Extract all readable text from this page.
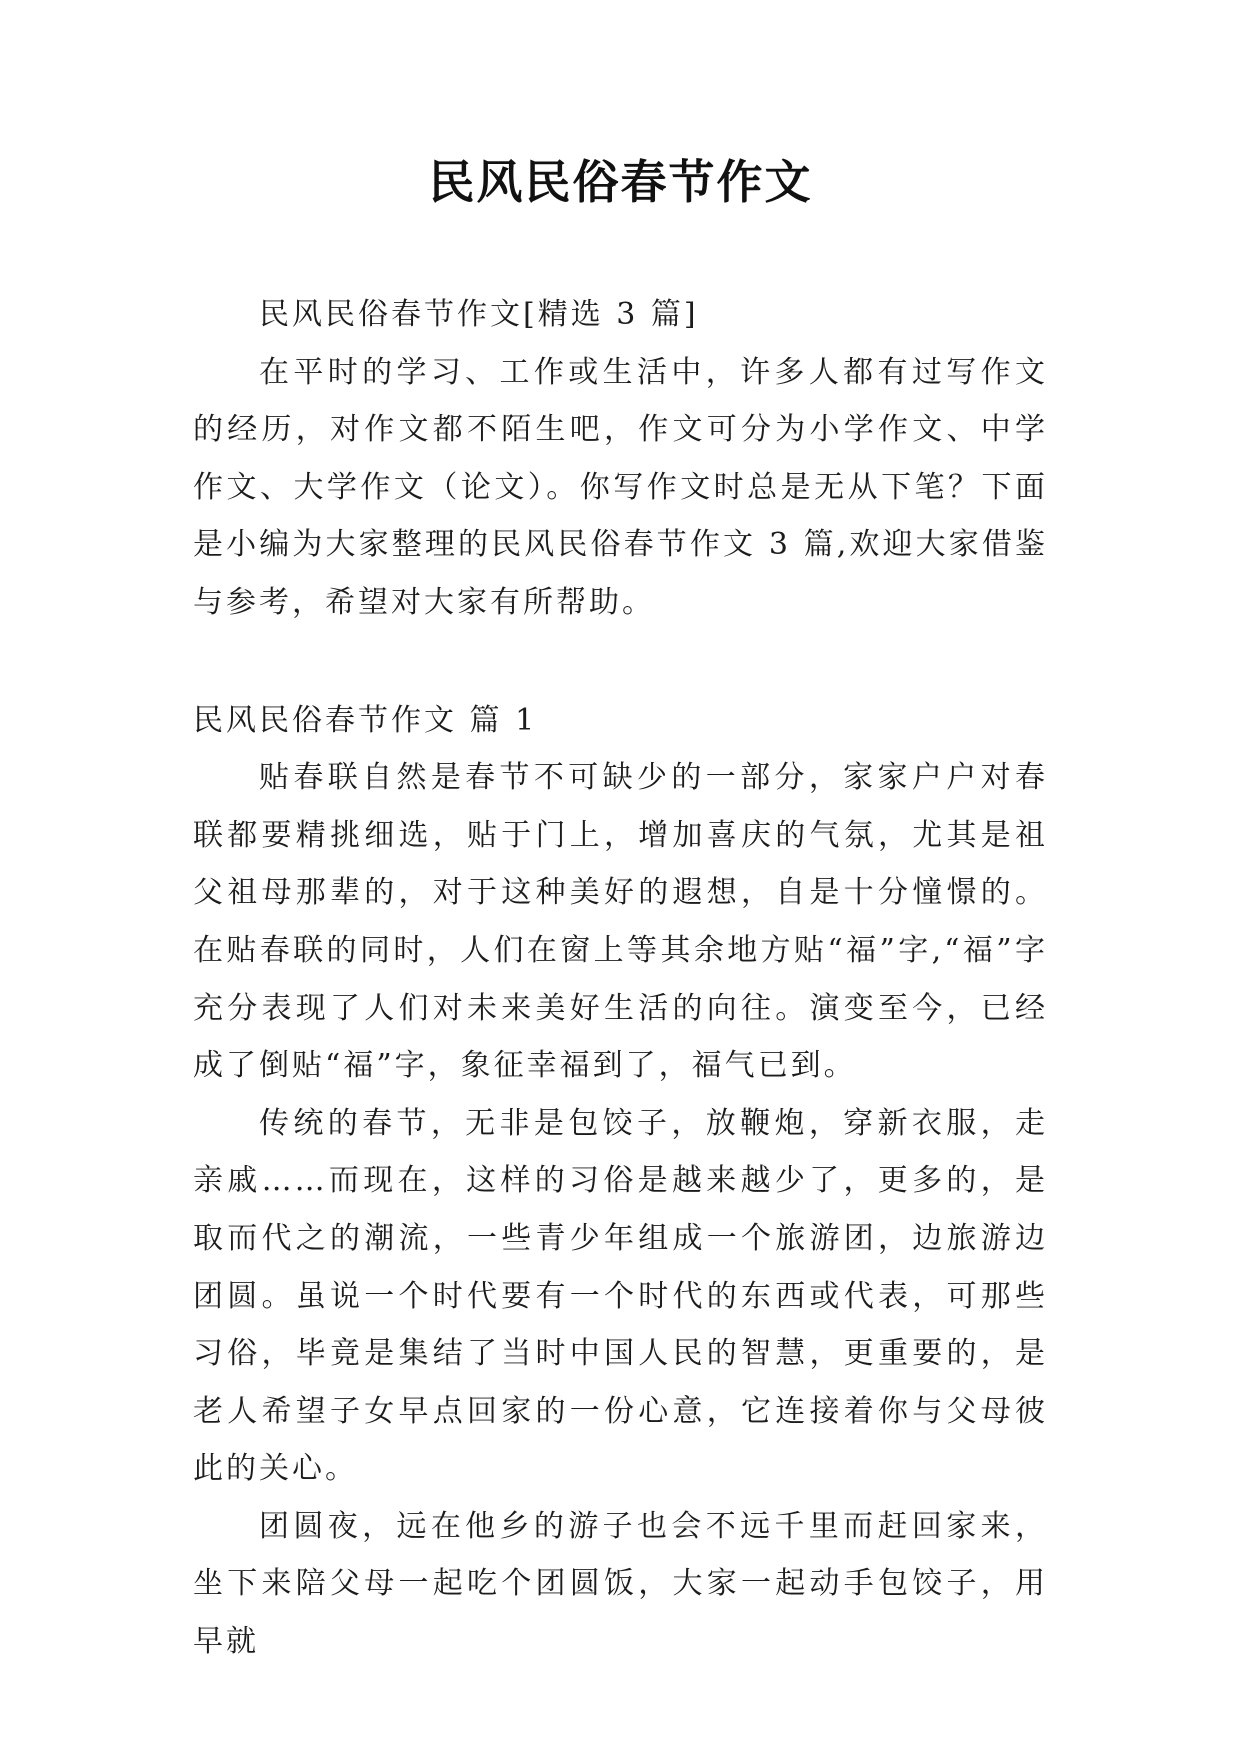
民风民俗春节作文

民风民俗春节作文[精选 3 篇]

在平时的学习、工作或生活中，许多人都有过写作文的经历，对作文都不陌生吧，作文可分为小学作文、中学作文、大学作文（论文）。你写作文时总是无从下笔？下面是小编为大家整理的民风民俗春节作文 3 篇,欢迎大家借鉴与参考，希望对大家有所帮助。

民风民俗春节作文 篇 1

贴春联自然是春节不可缺少的一部分，家家户户对春联都要精挑细选，贴于门上，增加喜庆的气氛，尤其是祖父祖母那辈的，对于这种美好的遐想，自是十分憧憬的。在贴春联的同时，人们在窗上等其余地方贴“福”字,“福”字充分表现了人们对未来美好生活的向往。演变至今，已经成了倒贴“福”字，象征幸福到了，福气已到。

传统的春节，无非是包饺子，放鞭炮，穿新衣服，走亲戚……而现在，这样的习俗是越来越少了，更多的，是取而代之的潮流，一些青少年组成一个旅游团，边旅游边团圆。虽说一个时代要有一个时代的东西或代表，可那些习俗，毕竟是集结了当时中国人民的智慧，更重要的，是老人希望子女早点回家的一份心意，它连接着你与父母彼此的关心。

团圆夜，远在他乡的游子也会不远千里而赶回家来，坐下来陪父母一起吃个团圆饭，大家一起动手包饺子，用早就
